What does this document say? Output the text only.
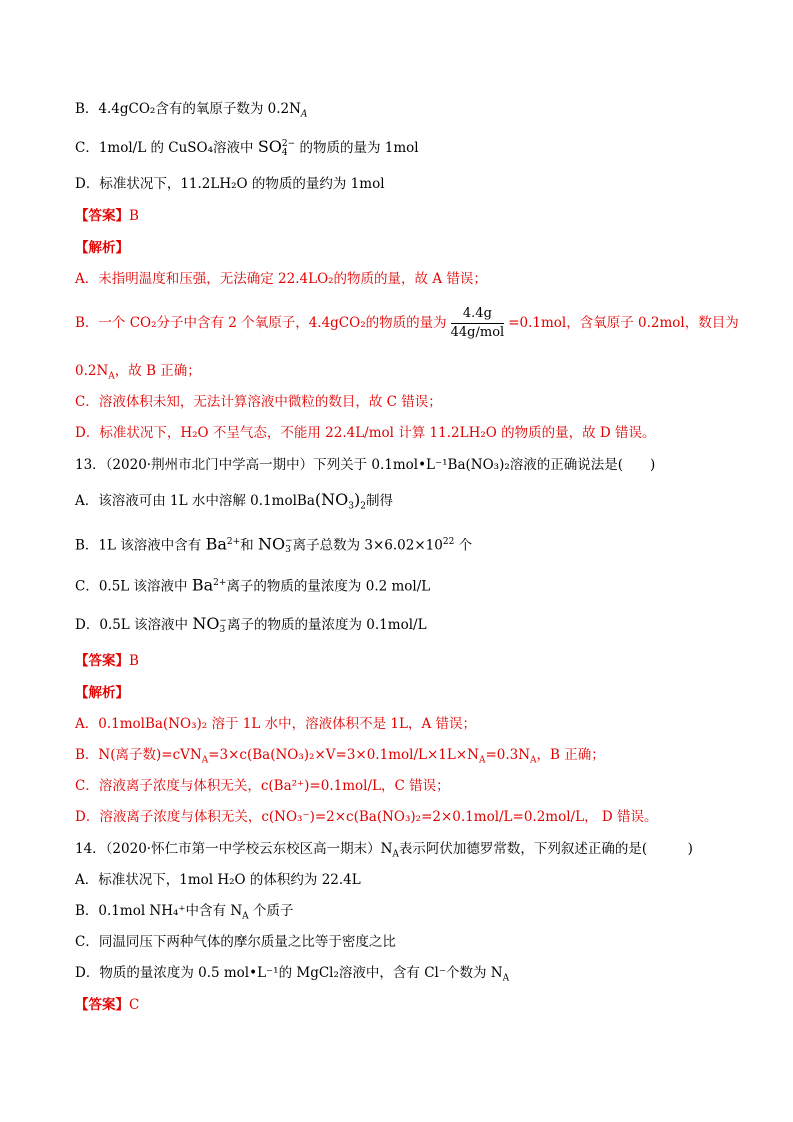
B．4.4gCO₂含有的氧原子数为 $0.2N_A$
C．1mol/L 的 CuSO₄溶液中 SO 2−
4 的物质的量为 1mol
D．标准状况下，11.2LH₂O 的物质的量约为 1mol
【答案】B
【解析】
A．未指明温度和压强，无法确定 22.4LO₂的物质的量，故 A 错误；
B．一个 CO₂分子中含有 2 个氧原子，4.4gCO₂的物质的量为 $\frac{4.4g}{\text{44g/mol}} =0.1mol$，含氧原子 0.2mol，数目为
$0.2N_A$，故 B 正确；
C．溶液体积未知，无法计算溶液中微粒的数目，故 C 错误；
D．标准状况下，H₂O 不呈气态，不能用 22.4L/mol 计算 11.2LH₂O 的物质的量，故 D 错误。
13．（2020·荆州市北门中学高一期中）下列关于 0.1mol•L⁻¹Ba(NO₃)₂溶液的正确说法是(　　)
A．该溶液可由 1L 水中溶解 $0.1molBa(NO_3)_2$制得
B．1L 该溶液中含有 $Ba^{2+}$和 NO −
3 离子总数为 $3\times 6.02\times 10^{22}$ 个
C．0.5L 该溶液中 $Ba^{2+}$离子的物质的量浓度为 0.2 mol/L
D．0.5L 该溶液中 NO −
3 离子的物质的量浓度为 0.1mol/L
【答案】B
【解析】
A．0.1molBa(NO₃)₂ 溶于 1L 水中，溶液体积不是 1L，A 错误；
B．N(离子数)$=cVN_A=3\times c(Ba(NO_3)_2\times V=3\times 0.1mol/L\times 1L\times N_A=0.3N_A$，B 正确；
C．溶液离子浓度与体积无关，c(Ba²⁺)=0.1mol/L，C 错误；
D．溶液离子浓度与体积无关，c(NO₃⁻)=2×c(Ba(NO₃)₂=2×0.1mol/L=0.2mol/L， D 错误。
14．（2020·怀仁市第一中学校云东校区高一期末）$N_A$表示阿伏加德罗常数，下列叙述正确的是(　　　)
A．标准状况下，1mol H₂O 的体积约为 22.4L
B．0.1mol NH₄⁺中含有 $N_A$ 个质子
C．同温同压下两种气体的摩尔质量之比等于密度之比
D．物质的量浓度为 0.5 mol•L⁻¹的 MgCl₂溶液中，含有 Cl⁻个数为 $N_A$
【答案】C
